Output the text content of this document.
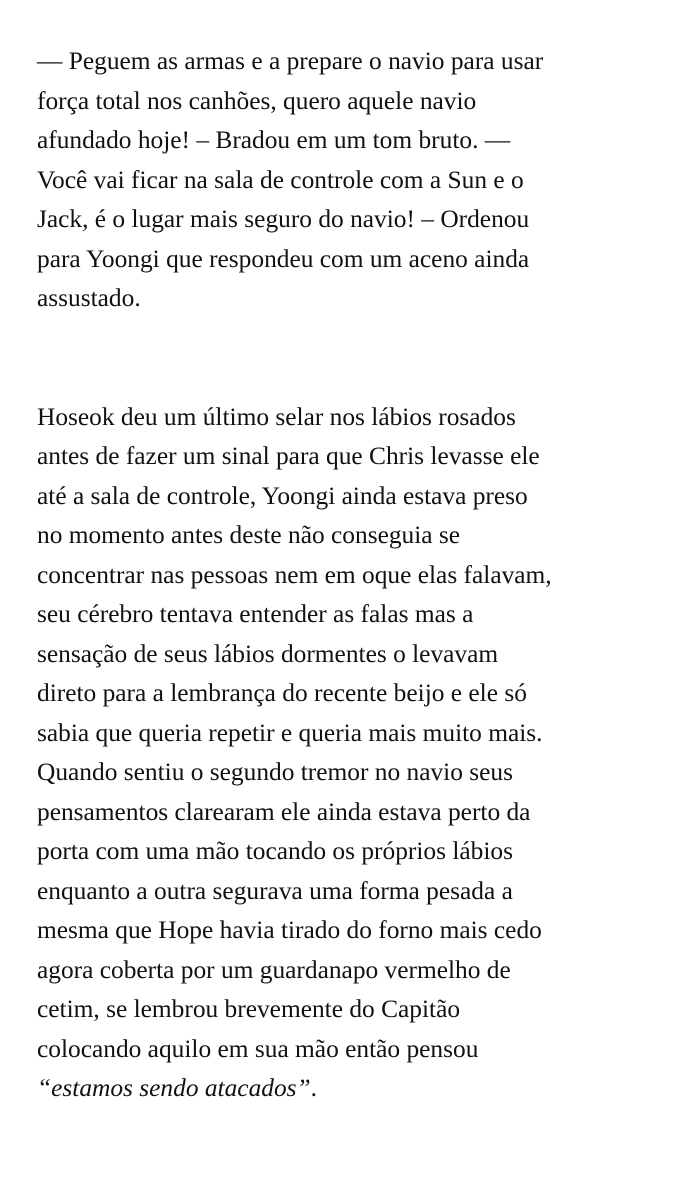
— Peguem as armas e a prepare o navio para usar
força total nos canhões, quero aquele navio
afundado hoje! – Bradou em um tom bruto. —
Você vai ficar na sala de controle com a Sun e o
Jack, é o lugar mais seguro do navio! – Ordenou
para Yoongi que respondeu com um aceno ainda
assustado.
Hoseok deu um último selar nos lábios rosados
antes de fazer um sinal para que Chris levasse ele
até a sala de controle, Yoongi ainda estava preso
no momento antes deste não conseguia se
concentrar nas pessoas nem em oque elas falavam,
seu cérebro tentava entender as falas mas a
sensação de seus lábios dormentes o levavam
direto para a lembrança do recente beijo e ele só
sabia que queria repetir e queria mais muito mais.
Quando sentiu o segundo tremor no navio seus
pensamentos clarearam ele ainda estava perto da
porta com uma mão tocando os próprios lábios
enquanto a outra segurava uma forma pesada a
mesma que Hope havia tirado do forno mais cedo
agora coberta por um guardanapo vermelho de
cetim, se lembrou brevemente do Capitão
colocando aquilo em sua mão então pensou
“estamos sendo atacados”.
